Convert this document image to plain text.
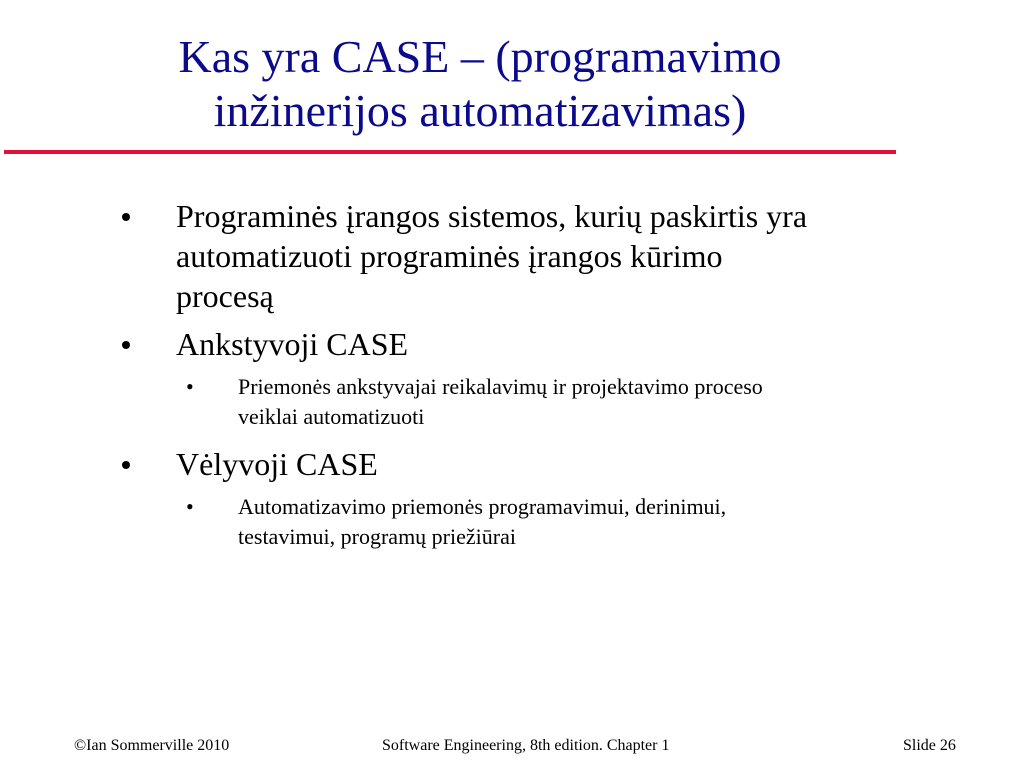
Kas yra CASE – (programavimo
inžinerijos automatizavimas)
Programinės įrangos sistemos, kurių paskirtis yra
automatizuoti programinės įrangos kūrimo
procesą
Ankstyvoji CASE
• Priemonės ankstyvajai reikalavimų ir projektavimo proceso
veiklai automatizuoti
Vėlyvoji CASE
• Automatizavimo priemonės programavimui, derinimui,
testavimui, programų priežiūrai
©Ian Sommerville 2010	Software Engineering, 8th edition. Chapter 1	Slide 26
